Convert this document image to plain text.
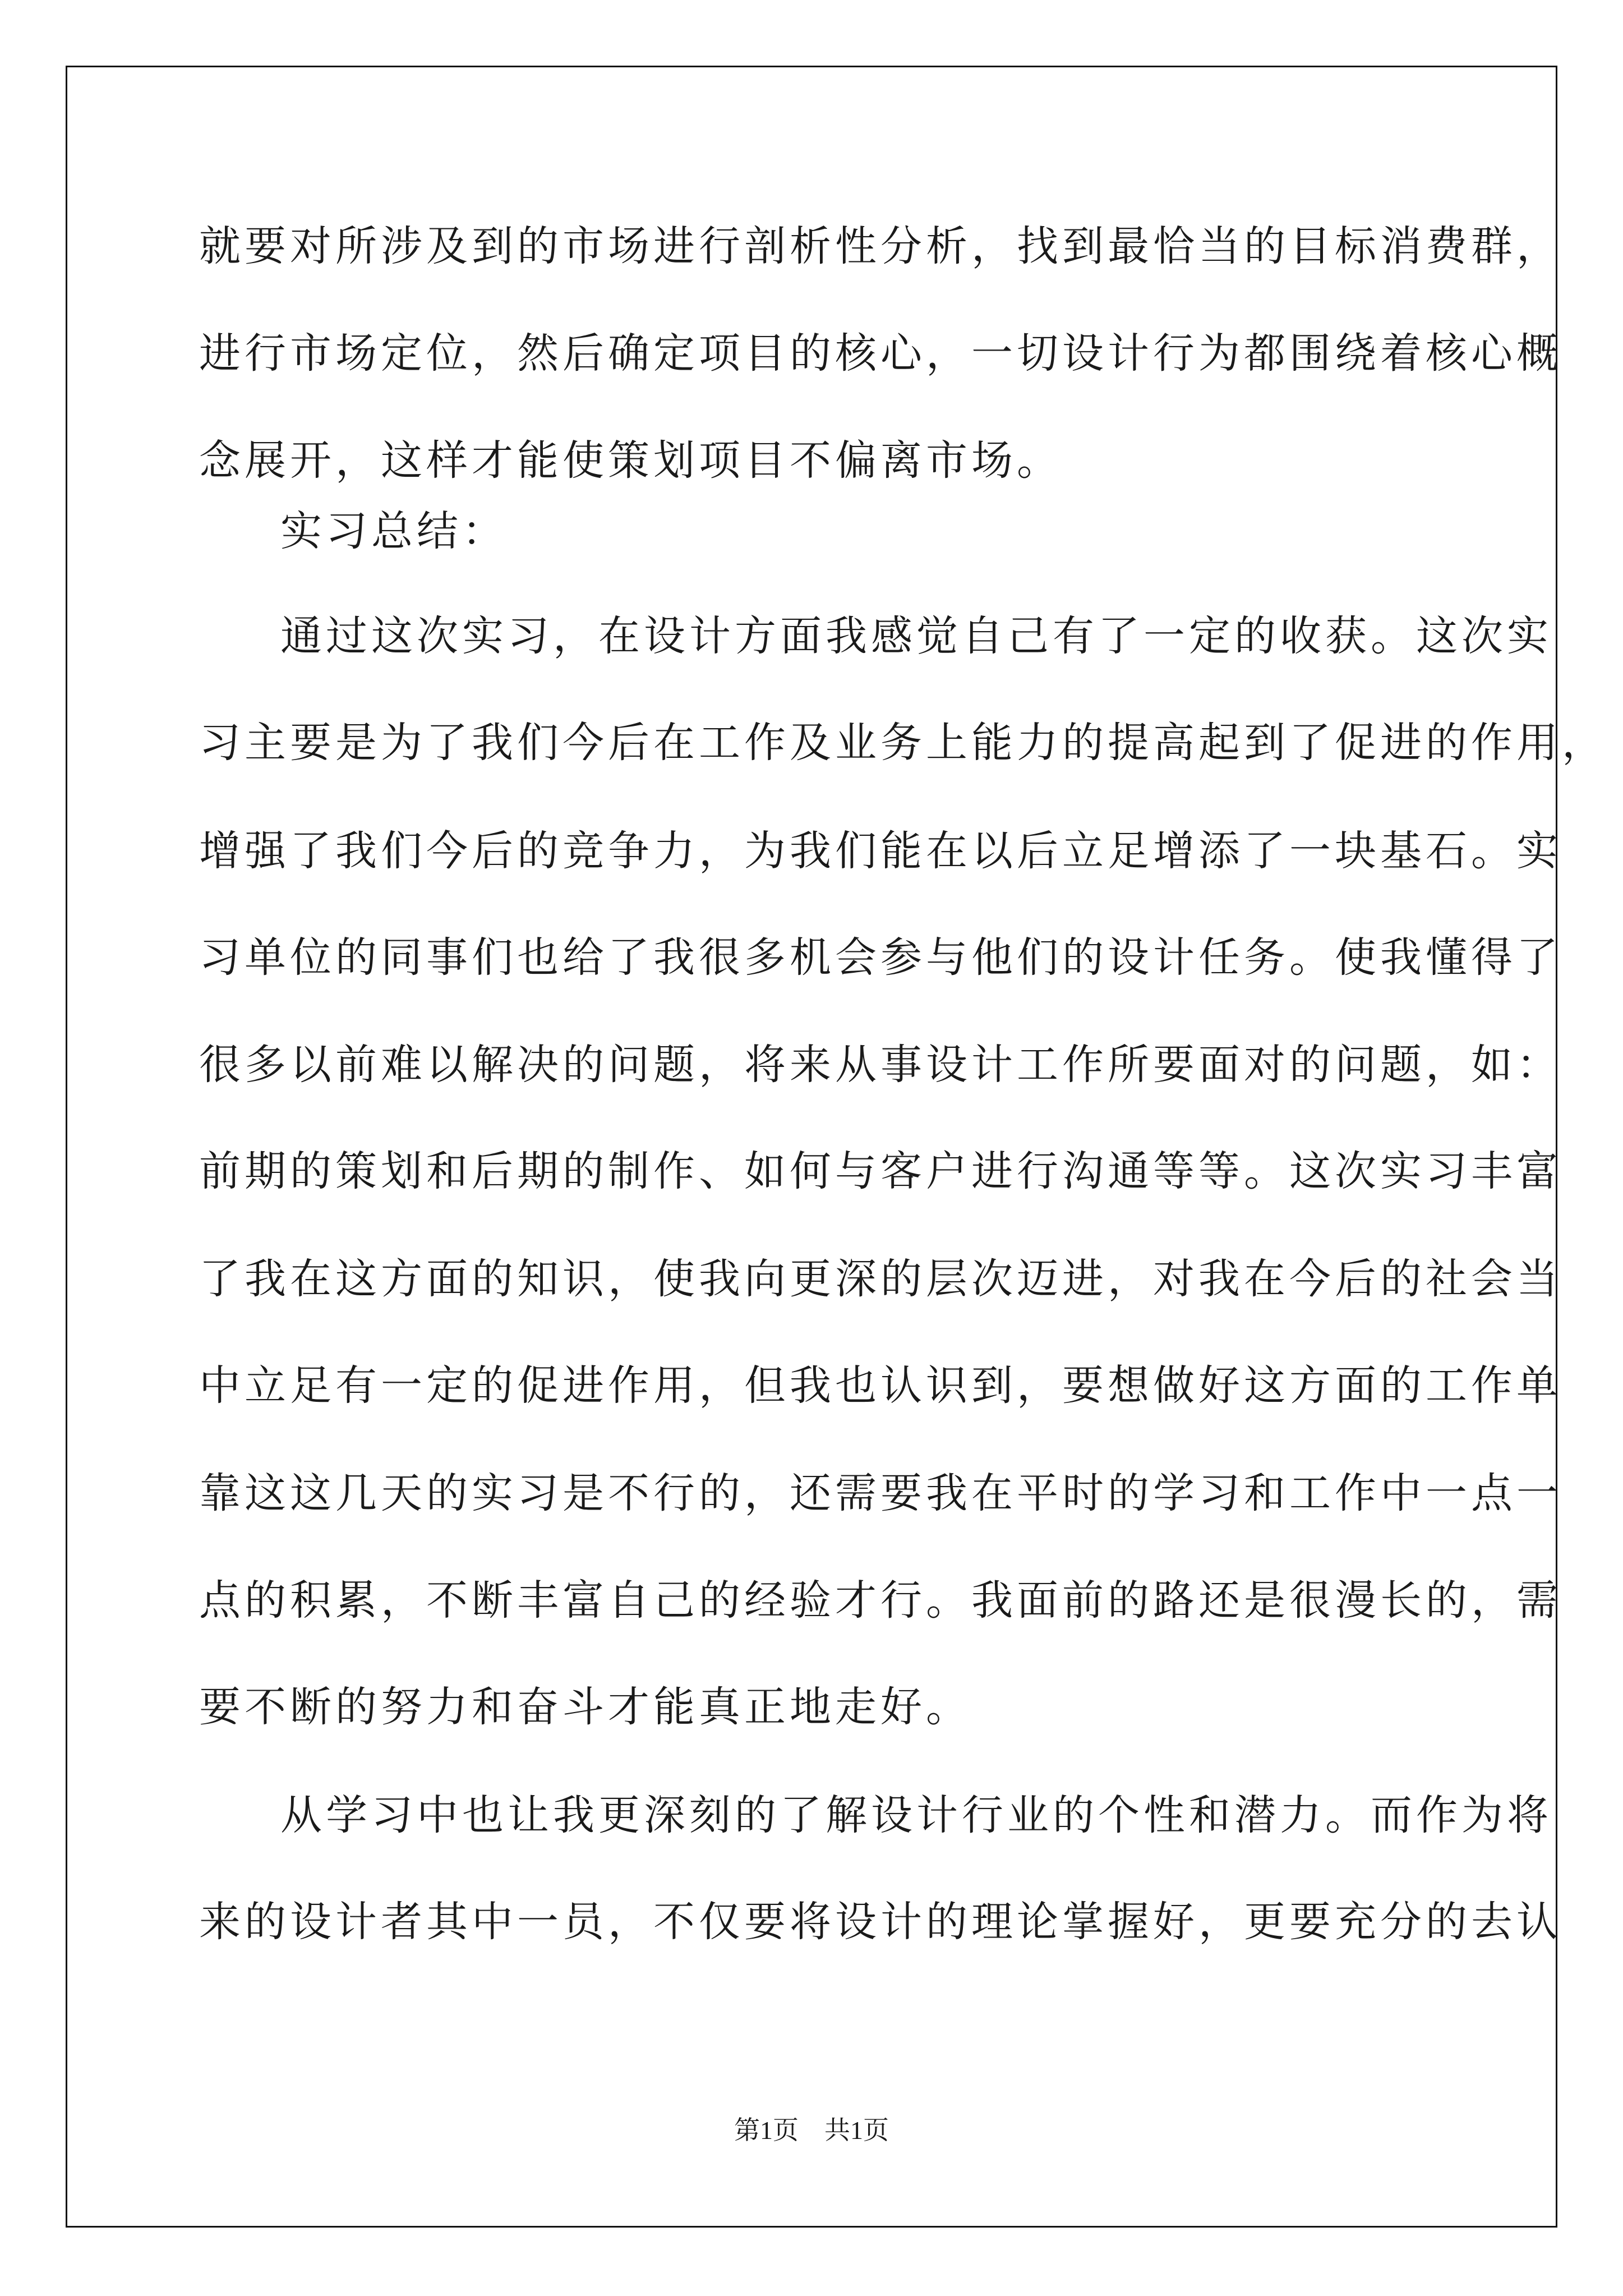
就要对所涉及到的市场进行剖析性分析，找到最恰当的目标消费群，
进行市场定位，然后确定项目的核心，一切设计行为都围绕着核心概
念展开，这样才能使策划项目不偏离市场。
实习总结：
通过这次实习，在设计方面我感觉自己有了一定的收获。这次实
习主要是为了我们今后在工作及业务上能力的提高起到了促进的作用，
增强了我们今后的竞争力，为我们能在以后立足增添了一块基石。实
习单位的同事们也给了我很多机会参与他们的设计任务。使我懂得了
很多以前难以解决的问题，将来从事设计工作所要面对的问题，如：
前期的策划和后期的制作、如何与客户进行沟通等等。这次实习丰富
了我在这方面的知识，使我向更深的层次迈进，对我在今后的社会当
中立足有一定的促进作用，但我也认识到，要想做好这方面的工作单
靠这这几天的实习是不行的，还需要我在平时的学习和工作中一点一
点的积累，不断丰富自己的经验才行。我面前的路还是很漫长的，需
要不断的努力和奋斗才能真正地走好。
从学习中也让我更深刻的了解设计行业的个性和潜力。而作为将
来的设计者其中一员，不仅要将设计的理论掌握好，更要充分的去认
第1页　共1页
